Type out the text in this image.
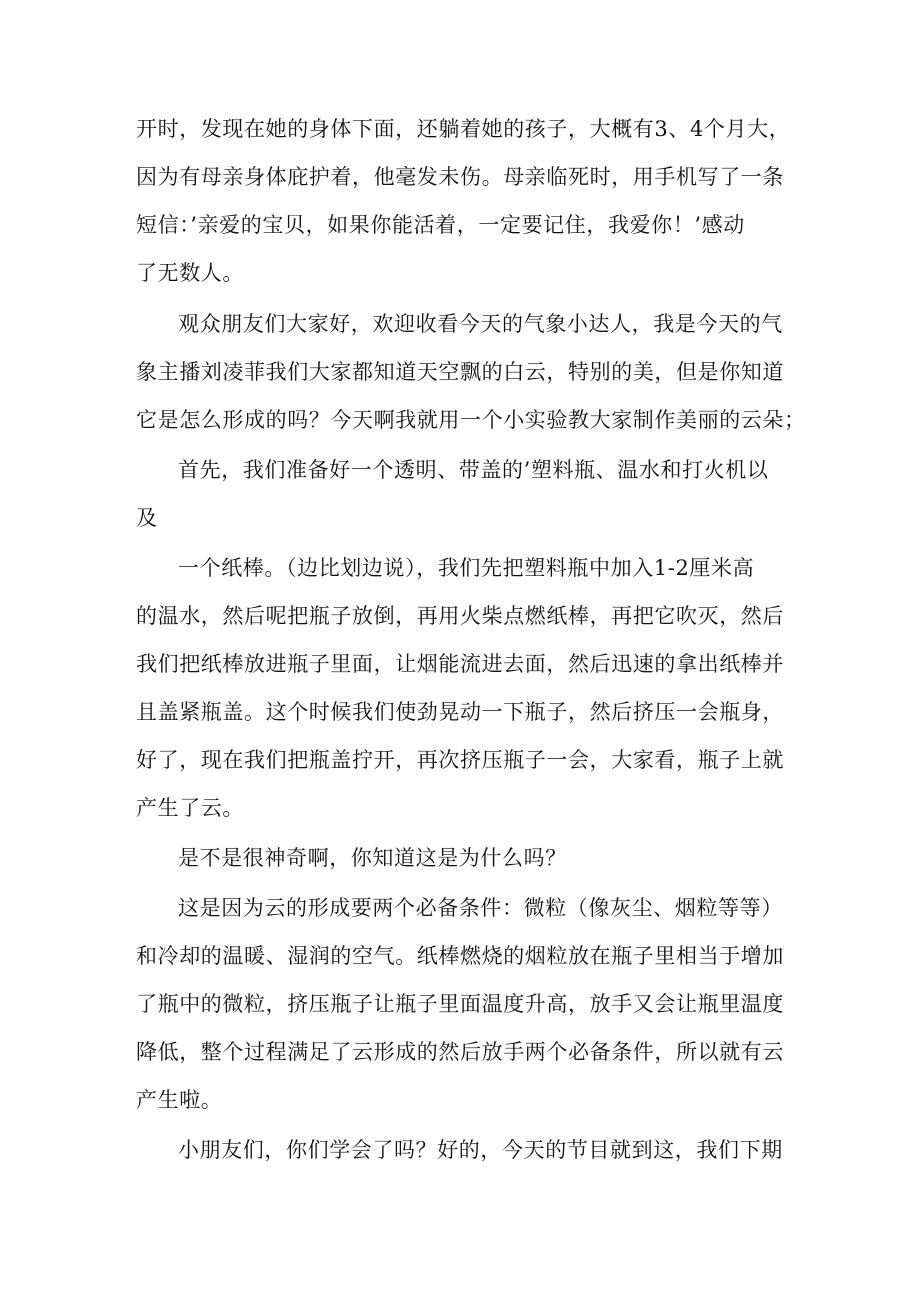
开时，发现在她的身体下面，还躺着她的孩子，大概有3、4个月大，

因为有母亲身体庇护着，他毫发未伤。母亲临死时，用手机写了一条

短信：’亲爱的宝贝，如果你能活着，一定要记住，我爱你！’感动

了无数人。

观众朋友们大家好，欢迎收看今天的气象小达人，我是今天的气

象主播刘凌菲我们大家都知道天空飘的白云，特别的美，但是你知道

它是怎么形成的吗？今天啊我就用一个小实验教大家制作美丽的云朵；

首先，我们准备好一个透明、带盖的’塑料瓶、温水和打火机以

及

一个纸棒。（边比划边说），我们先把塑料瓶中加入1-2厘米高

的温水，然后呢把瓶子放倒，再用火柴点燃纸棒，再把它吹灭，然后

我们把纸棒放进瓶子里面，让烟能流进去面，然后迅速的拿出纸棒并

且盖紧瓶盖。这个时候我们使劲晃动一下瓶子，然后挤压一会瓶身，

好了，现在我们把瓶盖拧开，再次挤压瓶子一会，大家看，瓶子上就

产生了云。

是不是很神奇啊，你知道这是为什么吗？

这是因为云的形成要两个必备条件：微粒（像灰尘、烟粒等等）

和冷却的温暖、湿润的空气。纸棒燃烧的烟粒放在瓶子里相当于增加

了瓶中的微粒，挤压瓶子让瓶子里面温度升高，放手又会让瓶里温度

降低，整个过程满足了云形成的然后放手两个必备条件，所以就有云

产生啦。

小朋友们，你们学会了吗？好的，今天的节目就到这，我们下期
